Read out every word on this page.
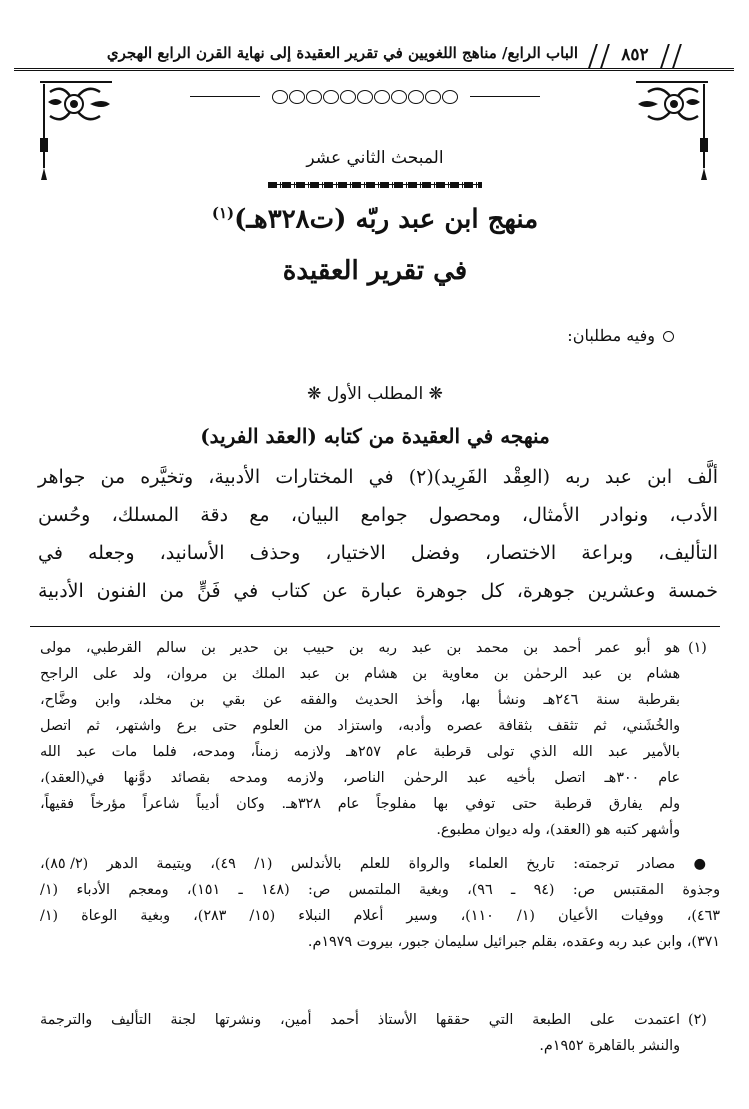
الباب الرابع/ مناهج اللغويين في تقرير العقيدة إلى نهاية القرن الرابع الهجري	٨٥٢
المبحث الثاني عشر
منهج ابن عبد ربّه (ت٣٢٨هـ)$^{(١)}$
في تقرير العقيدة
وفيه مطلبان:
❋ المطلب الأول ❋
منهجه في العقيدة من كتابه (العقد الفريد)
ألَّف ابن عبد ربه (العِقْد الفَرِيد)(٢) في المختارات الأدبية، وتخيَّره من جواهر
الأدب، ونوادر الأمثال، ومحصول جوامع البيان، مع دقة المسلك، وحُسن
التأليف، وبراعة الاختصار، وفضل الاختيار، وحذف الأسانيد، وجعله في
خمسة وعشرين جوهرة، كل جوهرة عبارة عن كتاب في فَنٍّ من الفنون الأدبية
(١)
هو أبو عمر أحمد بن محمد بن عبد ربه بن حبيب بن حدير بن سالم القرطبي، مولى
هشام بن عبد الرحمٰن بن معاوية بن هشام بن عبد الملك بن مروان، ولد على الراجح
بقرطبة سنة ٢٤٦هـ ونشأ بها، وأخذ الحديث والفقه عن بقي بن مخلد، وابن وضَّاح،
والخُشَني، ثم تثقف بثقافة عصره وأدبه، واستزاد من العلوم حتى برع واشتهر، ثم اتصل
بالأمير عبد الله الذي تولى قرطبة عام ٢٥٧هـ ولازمه زمناً، ومدحه، فلما مات عبد الله
عام ٣٠٠هـ اتصل بأخيه عبد الرحمٰن الناصر، ولازمه ومدحه بقصائد دوَّنها في(العقد)،
ولم يفارق قرطبة حتى توفي بها مفلوجاً عام ٣٢٨هـ. وكان أديباً شاعراً مؤرخاً فقيهاً،
وأشهر كتبه هو (العقد)، وله ديوان مطبوع.
● مصادر ترجمته: تاريخ العلماء والرواة للعلم بالأندلس (١/ ٤٩)، ويتيمة الدهر (٢/ ٨٥)،
وجذوة المقتبس ص: (٩٤ ـ ٩٦)، وبغية الملتمس ص: (١٤٨ ـ ١٥١)، ومعجم الأدباء (١/
٤٦٣)، ووفيات الأعيان (١/ ١١٠)، وسير أعلام النبلاء (١٥/ ٢٨٣)، وبغية الوعاة (١/
٣٧١)، وابن عبد ربه وعقده، بقلم جبرائيل سليمان جبور، بيروت ١٩٧٩م.
(٢)
اعتمدت على الطبعة التي حققها الأستاذ أحمد أمين، ونشرتها لجنة التأليف والترجمة
والنشر بالقاهرة ١٩٥٢م.
